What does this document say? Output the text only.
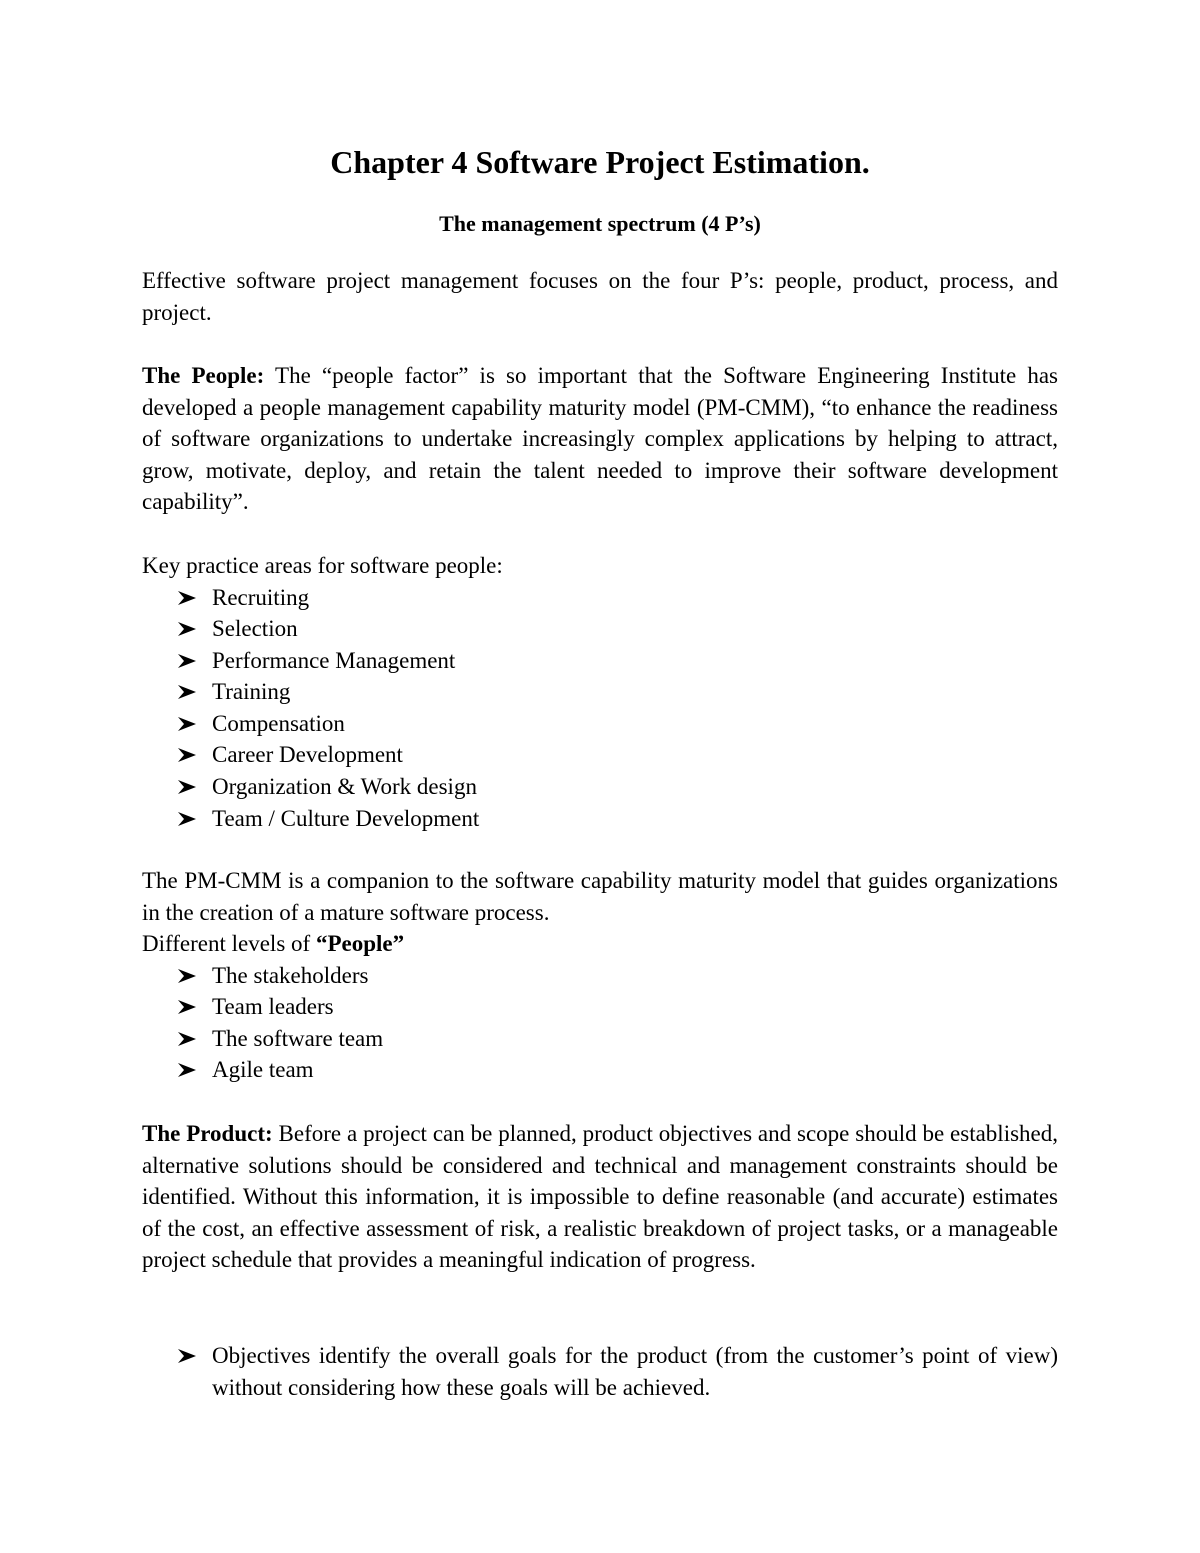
Chapter 4 Software Project Estimation.
The management spectrum (4 P’s)

Effective software project management focuses on the four P’s: people, product, process, and project.

The People: The “people factor” is so important that the Software Engineering Institute has developed a people management capability maturity model (PM-CMM), “to enhance the readiness of software organizations to undertake increasingly complex applications by helping to attract, grow, motivate, deploy, and retain the talent needed to improve their software development capability”.

Key practice areas for software people:

Recruiting
Selection
Performance Management
Training
Compensation
Career Development
Organization & Work design
Team / Culture Development

The PM-CMM is a companion to the software capability maturity model that guides organizations in the creation of a mature software process.

Different levels of “People”

The stakeholders
Team leaders
The software team
Agile team

The Product: Before a project can be planned, product objectives and scope should be established, alternative solutions should be considered and technical and management constraints should be identified. Without this information, it is impossible to define reasonable (and accurate) estimates of the cost, an effective assessment of risk, a realistic breakdown of project tasks, or a manageable project schedule that provides a meaningful indication of progress.

Objectives identify the overall goals for the product (from the customer’s point of view) without considering how these goals will be achieved.
